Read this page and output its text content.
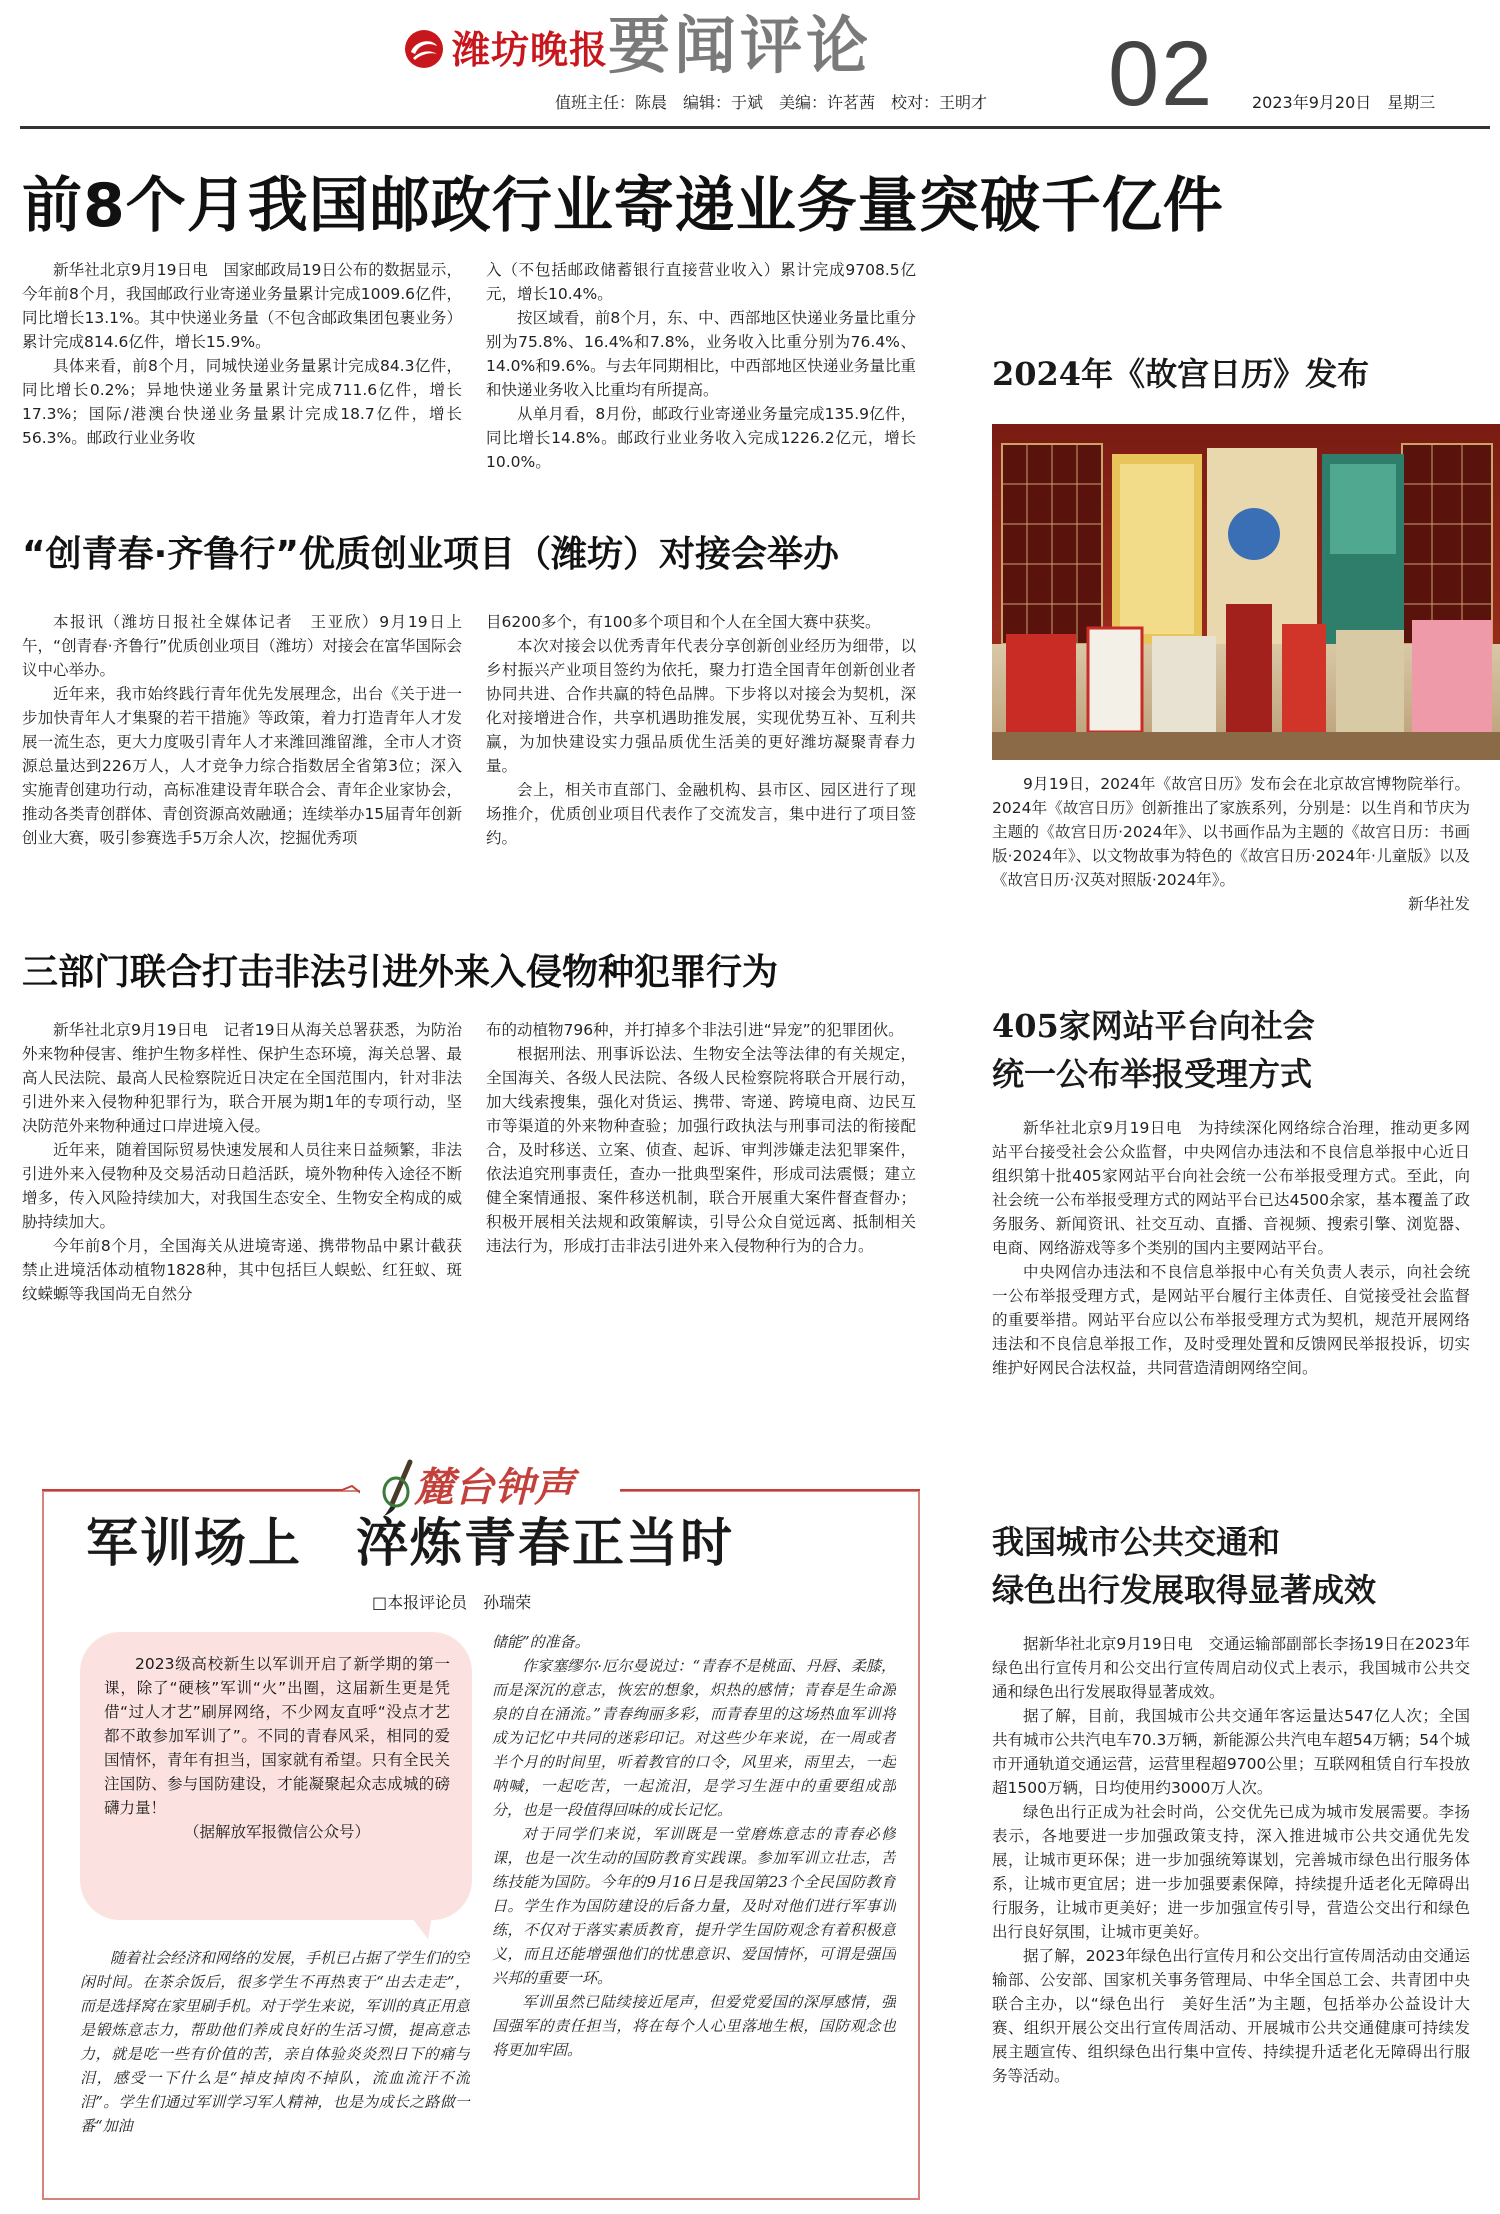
潍坊晚报 要闻评论	02
值班主任：陈晨 编辑：于斌 美编：许茗茜 校对：王明才	2023年9月20日　 星期三
前8个月我国邮政行业寄递业务量突破千亿件

新华社北京9月19日电　国家邮政局19日公布的数据显示，今年前8个月，我国邮政行业寄递业务量累计完成1009.6亿件，同比增长13.1%。其中快递业务量（不包含邮政集团包裹业务）累计完成814.6亿件，增长15.9%。

具体来看，前8个月，同城快递业务量累计完成84.3亿件，同比增长0.2%；异地快递业务量累计完成711.6亿件，增长17.3%；国际/港澳台快递业务量累计完成18.7亿件，增长56.3%。邮政行业业务收

入（不包括邮政储蓄银行直接营业收入）累计完成9708.5亿元，增长10.4%。

按区域看，前8个月，东、中、西部地区快递业务量比重分别为75.8%、16.4%和7.8%，业务收入比重分别为76.4%、14.0%和9.6%。与去年同期相比，中西部地区快递业务量比重和快递业务收入比重均有所提高。

从单月看，8月份，邮政行业寄递业务量完成135.9亿件，同比增长14.8%。邮政行业业务收入完成1226.2亿元，增长10.0%。

“创青春·齐鲁行”优质创业项目（潍坊）对接会举办

本报讯（潍坊日报社全媒体记者　王亚欣）9月19日上午，“创青春·齐鲁行”优质创业项目（潍坊）对接会在富华国际会议中心举办。

近年来，我市始终践行青年优先发展理念，出台《关于进一步加快青年人才集聚的若干措施》等政策，着力打造青年人才发展一流生态，更大力度吸引青年人才来潍回潍留潍，全市人才资源总量达到226万人，人才竞争力综合指数居全省第3位；深入实施青创建功行动，高标准建设青年联合会、青年企业家协会，推动各类青创群体、青创资源高效融通；连续举办15届青年创新创业大赛，吸引参赛选手5万余人次，挖掘优秀项

目6200多个，有100多个项目和个人在全国大赛中获奖。

本次对接会以优秀青年代表分享创新创业经历为细带，以乡村振兴产业项目签约为依托，聚力打造全国青年创新创业者协同共进、合作共赢的特色品牌。下步将以对接会为契机，深化对接增进合作，共享机遇助推发展，实现优势互补、互利共赢，为加快建设实力强品质优生活美的更好潍坊凝聚青春力量。

会上，相关市直部门、金融机构、县市区、园区进行了现场推介，优质创业项目代表作了交流发言，集中进行了项目签约。

三部门联合打击非法引进外来入侵物种犯罪行为

新华社北京9月19日电　记者19日从海关总署获悉，为防治外来物种侵害、维护生物多样性、保护生态环境，海关总署、最高人民法院、最高人民检察院近日决定在全国范围内，针对非法引进外来入侵物种犯罪行为，联合开展为期1年的专项行动，坚决防范外来物种通过口岸进境入侵。

近年来，随着国际贸易快速发展和人员往来日益频繁，非法引进外来入侵物种及交易活动日趋活跃，境外物种传入途径不断增多，传入风险持续加大，对我国生态安全、生物安全构成的威胁持续加大。

今年前8个月，全国海关从进境寄递、携带物品中累计截获禁止进境活体动植物1828种，其中包括巨人蜈蚣、红狂蚁、斑纹蝾螈等我国尚无自然分

布的动植物796种，并打掉多个非法引进“异宠”的犯罪团伙。

根据刑法、刑事诉讼法、生物安全法等法律的有关规定，全国海关、各级人民法院、各级人民检察院将联合开展行动，加大线索搜集，强化对货运、携带、寄递、跨境电商、边民互市等渠道的外来物种查验；加强行政执法与刑事司法的衔接配合，及时移送、立案、侦查、起诉、审判涉嫌走法犯罪案件，依法追究刑事责任，查办一批典型案件，形成司法震慑；建立健全案情通报、案件移送机制，联合开展重大案件督查督办；积极开展相关法规和政策解读，引导公众自觉远离、抵制相关违法行为，形成打击非法引进外来入侵物种行为的合力。

2024年《故宫日历》发布

9月19日，2024年《故宫日历》发布会在北京故宫博物院举行。2024年《故宫日历》创新推出了家族系列，分别是：以生肖和节庆为主题的《故宫日历·2024年》、以书画作品为主题的《故宫日历：书画版·2024年》、以文物故事为特色的《故宫日历·2024年·儿童版》以及《故宫日历·汉英对照版·2024年》。

新华社发

405家网站平台向社会
统一公布举报受理方式

新华社北京9月19日电　为持续深化网络综合治理，推动更多网站平台接受社会公众监督，中央网信办违法和不良信息举报中心近日组织第十批405家网站平台向社会统一公布举报受理方式。至此，向社会统一公布举报受理方式的网站平台已达4500余家，基本覆盖了政务服务、新闻资讯、社交互动、直播、音视频、搜索引擎、浏览器、电商、网络游戏等多个类别的国内主要网站平台。

中央网信办违法和不良信息举报中心有关负责人表示，向社会统一公布举报受理方式，是网站平台履行主体责任、自觉接受社会监督的重要举措。网站平台应以公布举报受理方式为契机，规范开展网络违法和不良信息举报工作，及时受理处置和反馈网民举报投诉，切实维护好网民合法权益，共同营造清朗网络空间。

我国城市公共交通和
绿色出行发展取得显著成效

据新华社北京9月19日电　交通运输部副部长李扬19日在2023年绿色出行宣传月和公交出行宣传周启动仪式上表示，我国城市公共交通和绿色出行发展取得显著成效。

据了解，目前，我国城市公共交通年客运量达547亿人次；全国共有城市公共汽电车70.3万辆，新能源公共汽电车超54万辆；54个城市开通轨道交通运营，运营里程超9700公里；互联网租赁自行车投放超1500万辆，日均使用约3000万人次。

绿色出行正成为社会时尚，公交优先已成为城市发展需要。李扬表示，各地要进一步加强政策支持，深入推进城市公共交通优先发展，让城市更环保；进一步加强统筹谋划，完善城市绿色出行服务体系，让城市更宜居；进一步加强要素保障，持续提升适老化无障碍出行服务，让城市更美好；进一步加强宣传引导，营造公交出行和绿色出行良好氛围，让城市更美好。

据了解，2023年绿色出行宣传月和公交出行宣传周活动由交通运输部、公安部、国家机关事务管理局、中华全国总工会、共青团中央联合主办，以“绿色出行　美好生活”为主题，包括举办公益设计大赛、组织开展公交出行宣传周活动、开展城市公共交通健康可持续发展主题宣传、组织绿色出行集中宣传、持续提升适老化无障碍出行服务等活动。

麓台钟声
军训场上　淬炼青春正当时
□本报评论员　孙瑞荣

2023级高校新生以军训开启了新学期的第一课，除了“硬核”军训“火”出圈，这届新生更是凭借“过人才艺”刷屏网络，不少网友直呼“没点才艺都不敢参加军训了”。不同的青春风采，相同的爱国情怀，青年有担当，国家就有希望。只有全民关注国防、参与国防建设，才能凝聚起众志成城的磅礴力量！

（据解放军报微信公众号）

随着社会经济和网络的发展，手机已占据了学生们的空闲时间。在茶余饭后，很多学生不再热衷于“出去走走”，而是选择窝在家里刷手机。对于学生来说，军训的真正用意是锻炼意志力，帮助他们养成良好的生活习惯，提高意志力，就是吃一些有价值的苦，亲自体验炎炎烈日下的痛与泪，感受一下什么是“掉皮掉肉不掉队，流血流汗不流泪”。学生们通过军训学习军人精神，也是为成长之路做一番“加油

储能”的准备。

作家塞缪尔·厄尔曼说过：“青春不是桃面、丹唇、柔膝，而是深沉的意志，恢宏的想象，炽热的感情；青春是生命源泉的自在涌流。”青春绚丽多彩，而青春里的这场热血军训将成为记忆中共同的迷彩印记。对这些少年来说，在一周或者半个月的时间里，听着教官的口令，风里来，雨里去，一起呐喊，一起吃苦，一起流泪，是学习生涯中的重要组成部分，也是一段值得回味的成长记忆。

对于同学们来说，军训既是一堂磨炼意志的青春必修课，也是一次生动的国防教育实践课。参加军训立壮志，苦练技能为国防。今年的9月16日是我国第23个全民国防教育日。学生作为国防建设的后备力量，及时对他们进行军事训练，不仅对于落实素质教育，提升学生国防观念有着积极意义，而且还能增强他们的忧患意识、爱国情怀，可谓是强国兴邦的重要一环。

军训虽然已陆续接近尾声，但爱党爱国的深厚感情，强国强军的责任担当，将在每个人心里落地生根，国防观念也将更加牢固。
